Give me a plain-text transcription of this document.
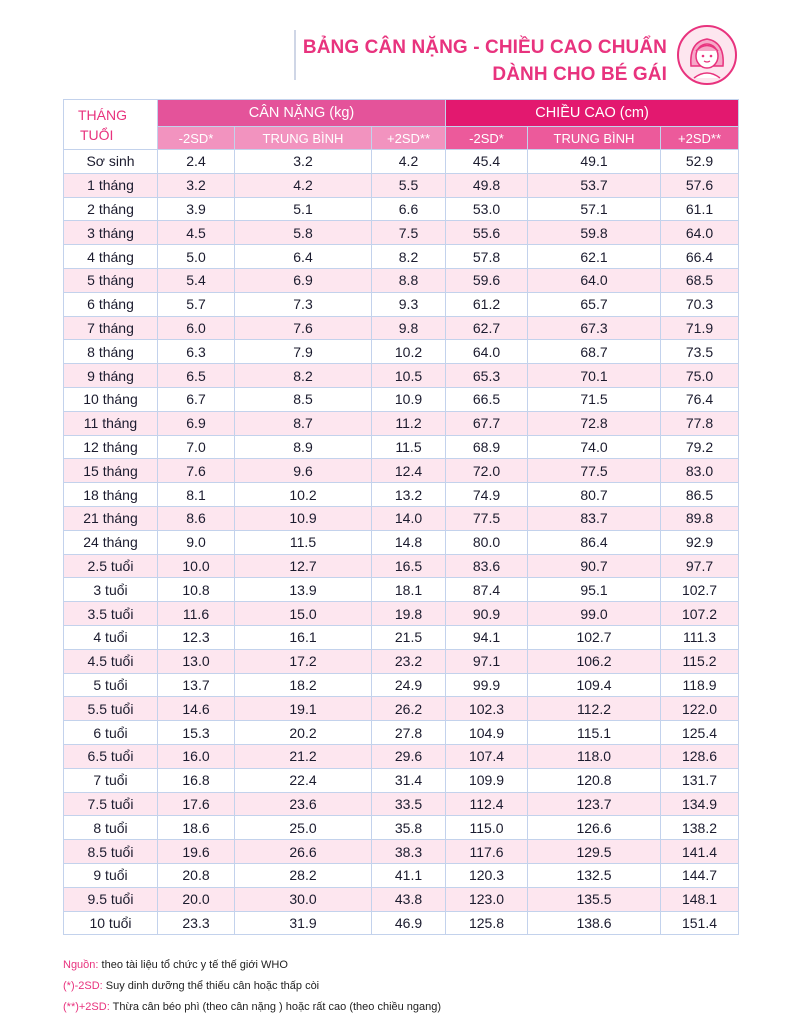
BẢNG CÂN NẶNG - CHIỀU CAO CHUẨN
DÀNH CHO BÉ GÁI
THÁNG
TUỔI	CÂN NẶNG (kg)			CHIỀU CAO (cm)		
	-2SD*	TRUNG BÌNH	+2SD**	-2SD*	TRUNG BÌNH	+2SD**
Sơ sinh	2.4	3.2	4.2	45.4	49.1	52.9
1 tháng	3.2	4.2	5.5	49.8	53.7	57.6
2 tháng	3.9	5.1	6.6	53.0	57.1	61.1
3 tháng	4.5	5.8	7.5	55.6	59.8	64.0
4 tháng	5.0	6.4	8.2	57.8	62.1	66.4
5 tháng	5.4	6.9	8.8	59.6	64.0	68.5
6 tháng	5.7	7.3	9.3	61.2	65.7	70.3
7 tháng	6.0	7.6	9.8	62.7	67.3	71.9
8 tháng	6.3	7.9	10.2	64.0	68.7	73.5
9 tháng	6.5	8.2	10.5	65.3	70.1	75.0
10 tháng	6.7	8.5	10.9	66.5	71.5	76.4
11 tháng	6.9	8.7	11.2	67.7	72.8	77.8
12 tháng	7.0	8.9	11.5	68.9	74.0	79.2
15 tháng	7.6	9.6	12.4	72.0	77.5	83.0
18 tháng	8.1	10.2	13.2	74.9	80.7	86.5
21 tháng	8.6	10.9	14.0	77.5	83.7	89.8
24 tháng	9.0	11.5	14.8	80.0	86.4	92.9
2.5 tuổi	10.0	12.7	16.5	83.6	90.7	97.7
3 tuổi	10.8	13.9	18.1	87.4	95.1	102.7
3.5 tuổi	11.6	15.0	19.8	90.9	99.0	107.2
4 tuổi	12.3	16.1	21.5	94.1	102.7	111.3
4.5 tuổi	13.0	17.2	23.2	97.1	106.2	115.2
5 tuổi	13.7	18.2	24.9	99.9	109.4	118.9
5.5 tuổi	14.6	19.1	26.2	102.3	112.2	122.0
6 tuổi	15.3	20.2	27.8	104.9	115.1	125.4
6.5 tuổi	16.0	21.2	29.6	107.4	118.0	128.6
7 tuổi	16.8	22.4	31.4	109.9	120.8	131.7
7.5 tuổi	17.6	23.6	33.5	112.4	123.7	134.9
8 tuổi	18.6	25.0	35.8	115.0	126.6	138.2
8.5 tuổi	19.6	26.6	38.3	117.6	129.5	141.4
9 tuổi	20.8	28.2	41.1	120.3	132.5	144.7
9.5 tuổi	20.0	30.0	43.8	123.0	135.5	148.1
10 tuổi	23.3	31.9	46.9	125.8	138.6	151.4
Nguồn: theo tài liệu tổ chức y tế thế giới WHO
(*)-2SD: Suy dinh dưỡng thể thiếu cân hoặc thấp còi
(**)+2SD: Thừa cân béo phì (theo cân nặng ) hoặc rất cao (theo chiều ngang)
